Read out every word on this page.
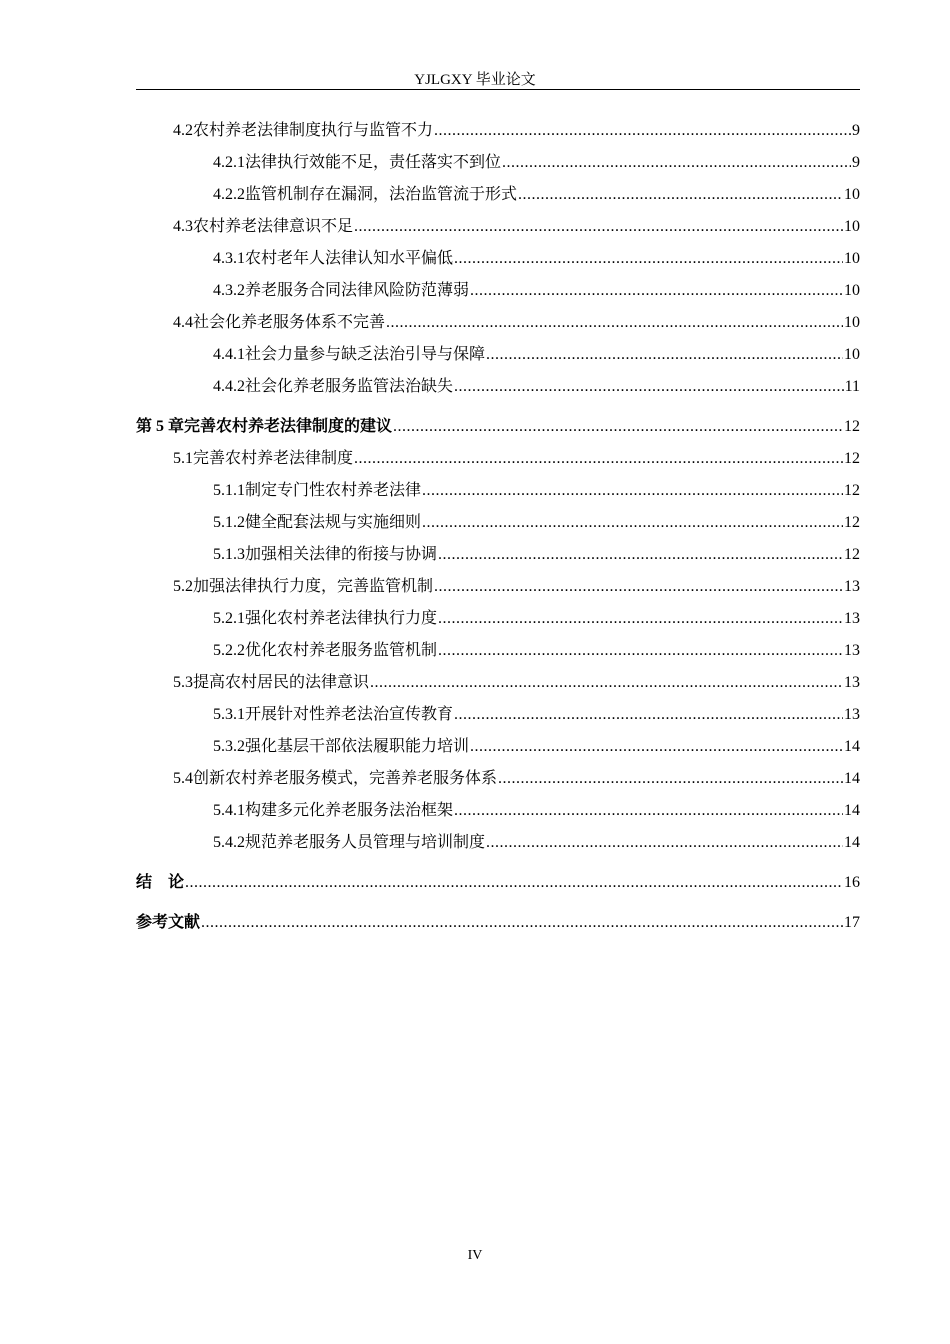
YJLGXY 毕业论文
4.2 农村养老法律制度执行与监管不力 .....	9
4.2.1 法律执行效能不足，责任落实不到位 .....	9
4.2.2 监管机制存在漏洞，法治监管流于形式 .....	10
4.3 农村养老法律意识不足 .....	10
4.3.1 农村老年人法律认知水平偏低 .....	10
4.3.2 养老服务合同法律风险防范薄弱 .....	10
4.4 社会化养老服务体系不完善 .....	10
4.4.1 社会力量参与缺乏法治引导与保障 .....	10
4.4.2 社会化养老服务监管法治缺失 .....	11
第 5 章 完善农村养老法律制度的建议 .....	12
5.1 完善农村养老法律制度 .....	12
5.1.1 制定专门性农村养老法律 .....	12
5.1.2 健全配套法规与实施细则 .....	12
5.1.3 加强相关法律的衔接与协调 .....	12
5.2 加强法律执行力度，完善监管机制 .....	13
5.2.1 强化农村养老法律执行力度 .....	13
5.2.2 优化农村养老服务监管机制 .....	13
5.3 提高农村居民的法律意识 .....	13
5.3.1 开展针对性养老法治宣传教育 .....	13
5.3.2 强化基层干部依法履职能力培训 .....	14
5.4 创新农村养老服务模式，完善养老服务体系 .....	14
5.4.1 构建多元化养老服务法治框架 .....	14
5.4.2 规范养老服务人员管理与培训制度 .....	14
结　论 .....	16
参考文献 .....	17
IV
